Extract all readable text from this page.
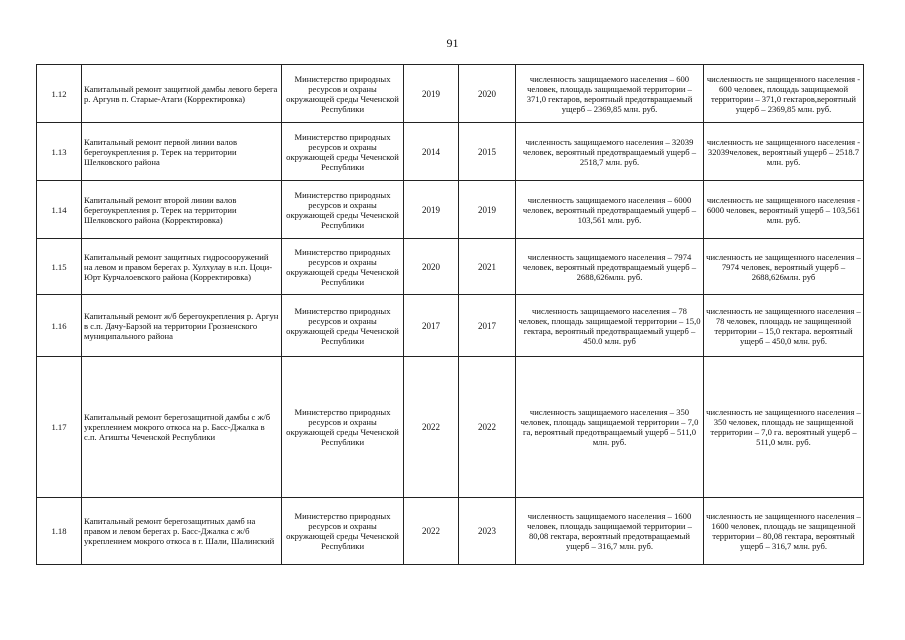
91
1.12	Капитальный ремонт защитной дамбы левого берега р. Аргунв п. Старые-Атаги (Корректировка)	Министерство природных ресурсов и охраны окружающей среды Чеченской Республики	2019	2020	численность защищаемого населения – 600 человек, площадь защищаемой территории – 371,0 гектаров, вероятный предотвращаемый ущерб – 2369,85 млн. руб.	численность не защищенного населения - 600 человек, площадь защищаемой территории – 371,0 гектаров,вероятный ущерб – 2369,85 млн. руб.
1.13	Капитальный ремонт первой линии валов берегоукрепления р. Терек на территории Шелковского района	Министерство природных ресурсов и охраны окружающей среды Чеченской Республики	2014	2015	численность защищаемого населения – 32039 человек, вероятный предотвращаемый ущерб – 2518,7 млн. руб.	численность не защищенного населения - 32039человек, вероятный ущерб – 2518.7 млн. руб.
1.14	Капитальный ремонт второй линии валов берегоукрепления р. Терек на территории Шелковского района (Корректировка)	Министерство природных ресурсов и охраны окружающей среды Чеченской Республики	2019	2019	численность защищаемого населения – 6000 человек, вероятный предотвращаемый ущерб – 103,561 млн. руб.	численность не защищенного населения - 6000 человек, вероятный ущерб – 103,561 млн. руб.
1.15	Капитальный ремонт защитных гидросооружений на левом и правом берегах р. Хулхулау в н.п. Цоци-Юрт Курчалоевского района (Корректировка)	Министерство природных ресурсов и охраны окружающей среды Чеченской Республики	2020	2021	численность защищаемого населения – 7974 человек, вероятный предотвращаемый ущерб – 2688,626млн. руб.	численность не защищенного населения – 7974 человек, вероятный ущерб –2688,626млн. руб
1.16	Капитальный ремонт ж/б берегоукрепления р. Аргун в с.п. Дачу-Барзой на территории Грозненского муниципального района	Министерство природных ресурсов и охраны окружающей среды Чеченской Республики	2017	2017	численность защищаемого населения – 78 человек, площадь защищаемой территории – 15,0 гектара, вероятный предотвращаемый ущерб – 450.0 млн. руб	численность не защищенного населения – 78 человек, площадь не защищенной территории – 15,0 гектара. вероятный ущерб – 450,0 млн. руб.
1.17	Капитальный ремонт берегозащитной дамбы с ж/б укреплением мокрого откоса на р. Басс-Джалка в с.п. Агишты Чеченской Республики	Министерство природных ресурсов и охраны окружающей среды Чеченской Республики	2022	2022	численность защищаемого населения – 350 человек, площадь защищаемой территории – 7,0 га, вероятный предотвращаемый ущерб – 511,0 млн. руб.	численность не защищенного населения – 350 человек, площадь не защищенной территории – 7,0 га. вероятный ущерб – 511,0 млн. руб.
1.18	Капитальный ремонт берегозащитных дамб на правом и левом берегах р. Басс-Джалка с ж/б укреплением мокрого откоса в г. Шали, Шалинский	Министерство природных ресурсов и охраны окружающей среды Чеченской Республики	2022	2023	численность защищаемого населения – 1600 человек, площадь защищаемой территории – 80,08 гектара, вероятный предотвращаемый ущерб – 316,7 млн. руб.	численность не защищенного населения – 1600 человек, площадь не защищенной территории – 80,08 гектара, вероятный ущерб – 316,7 млн. руб.
